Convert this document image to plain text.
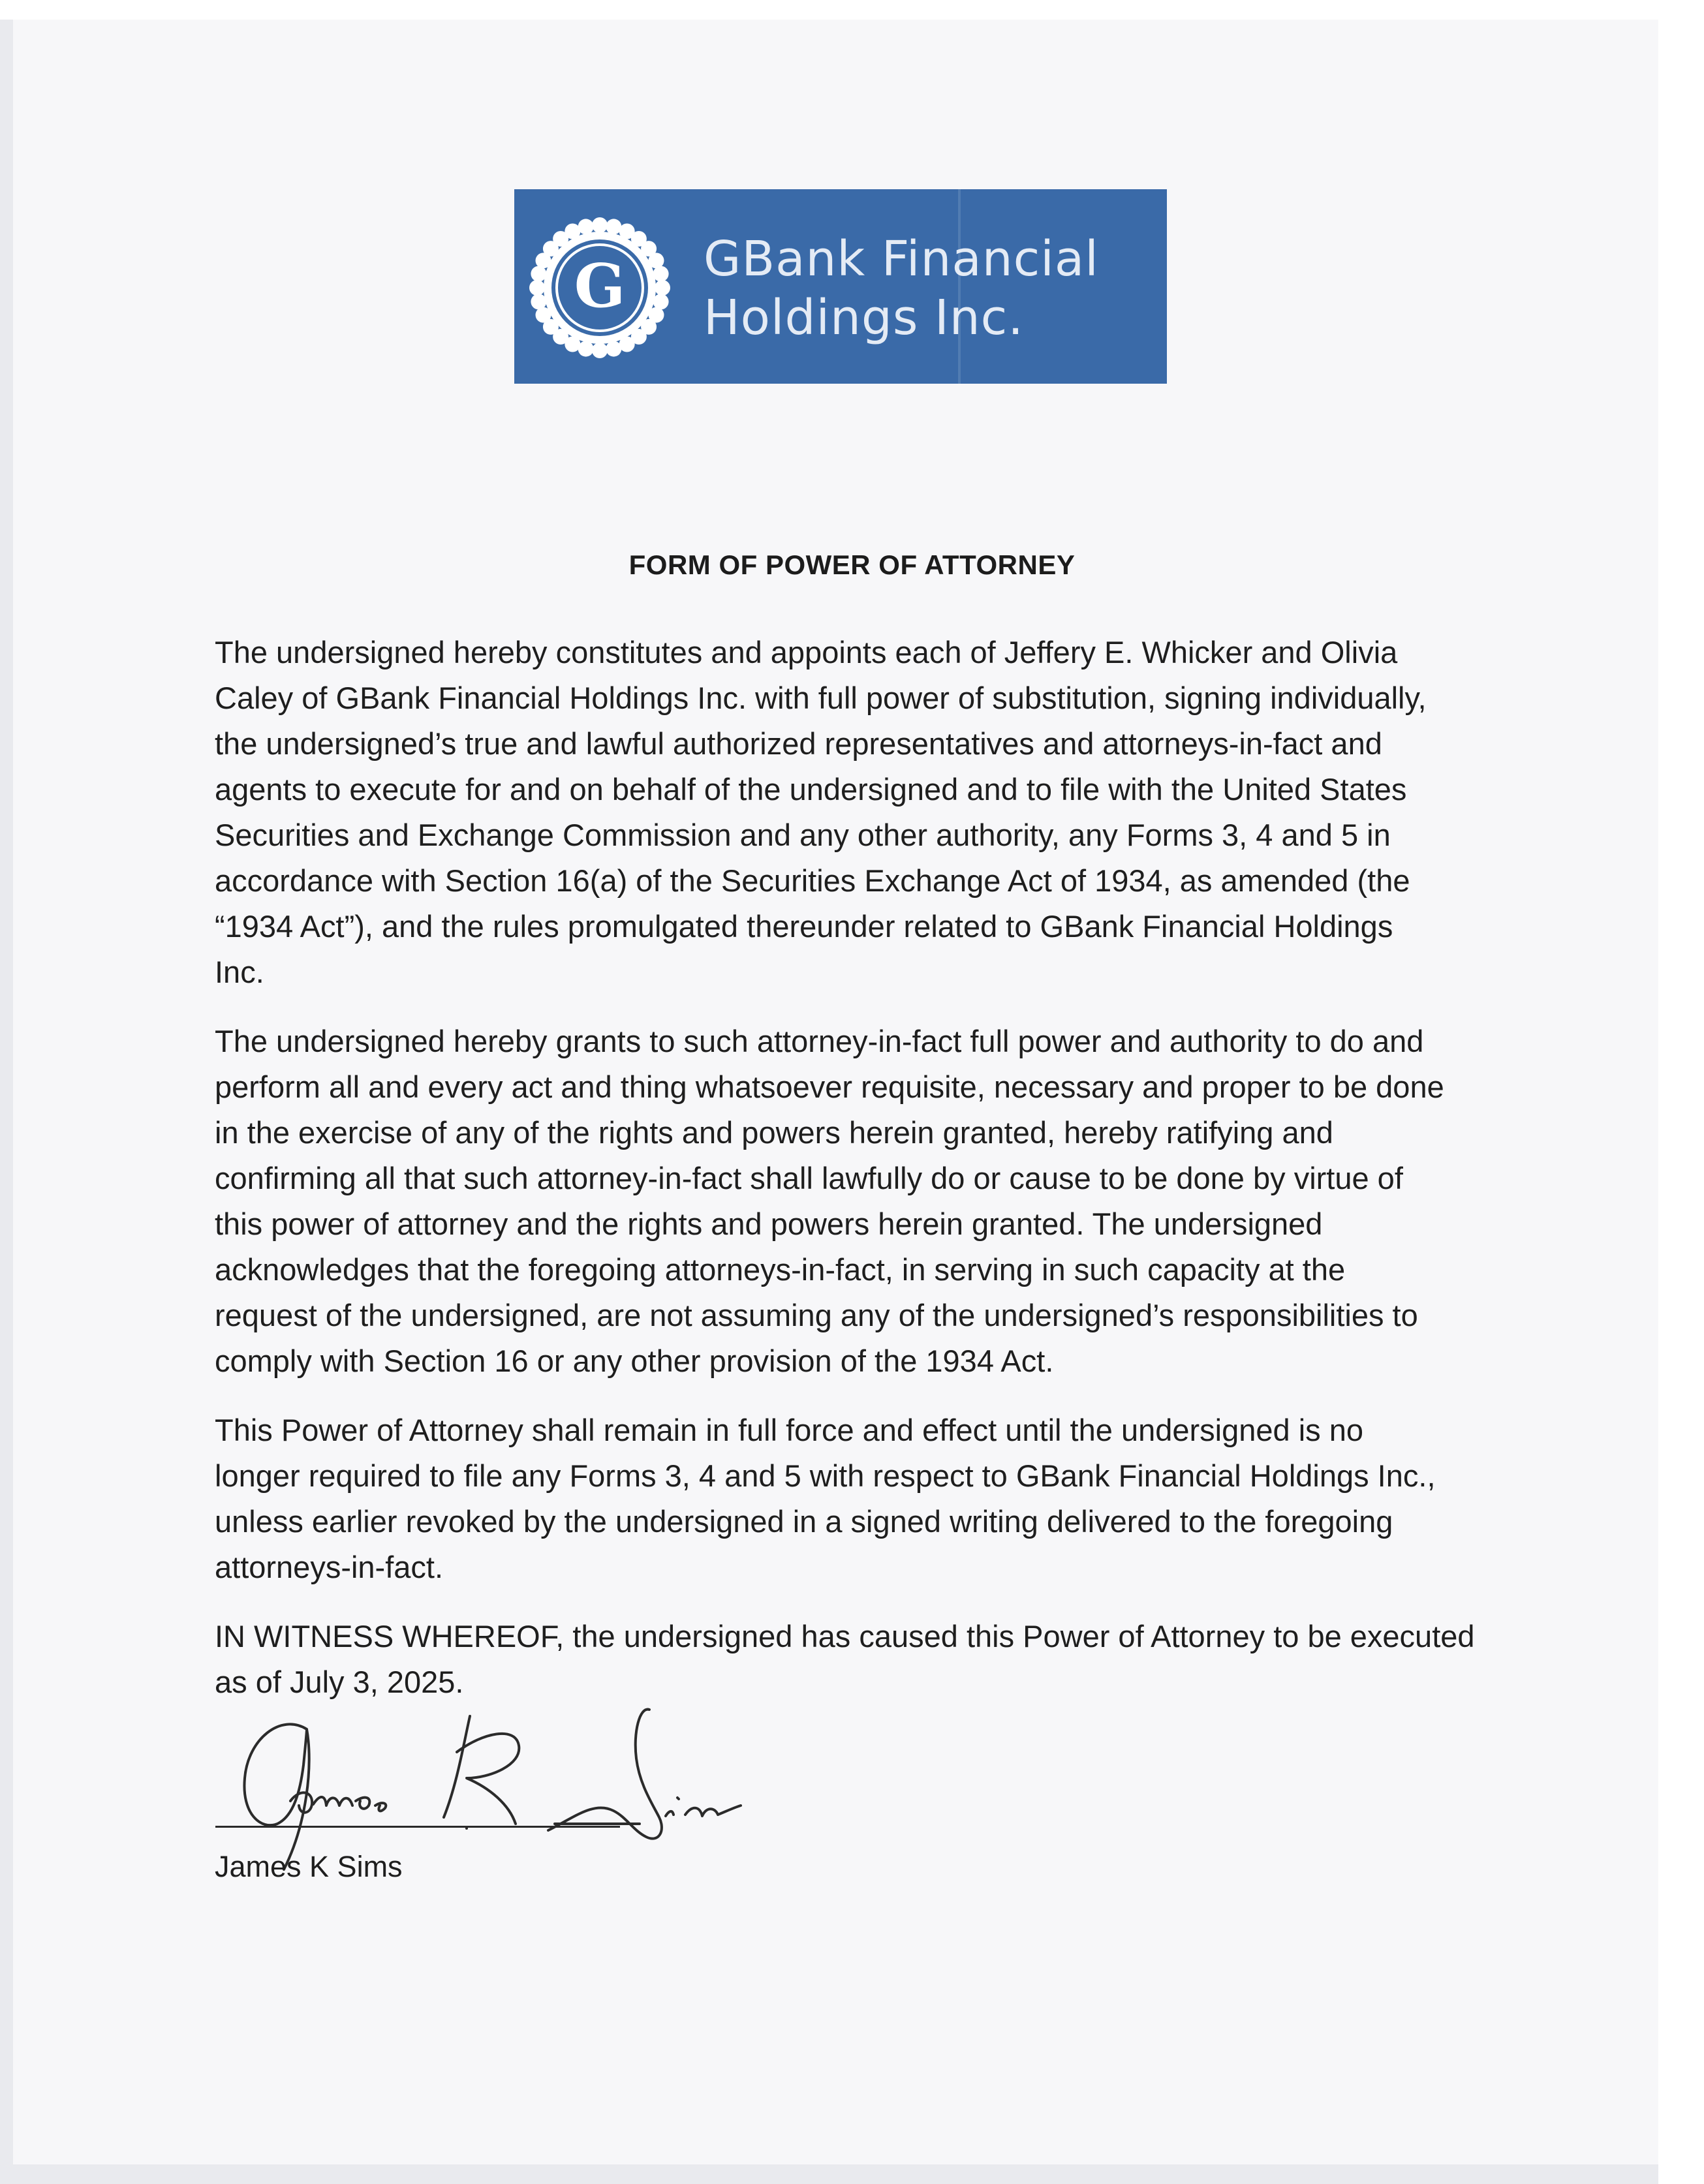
G GBank Financial
Holdings Inc.
FORM OF POWER OF ATTORNEY
The undersigned hereby constitutes and appoints each of Jeffery E. Whicker and Olivia
Caley of GBank Financial Holdings Inc. with full power of substitution, signing individually,
the undersigned’s true and lawful authorized representatives and attorneys-in-fact and
agents to execute for and on behalf of the undersigned and to file with the United States
Securities and Exchange Commission and any other authority, any Forms 3, 4 and 5 in
accordance with Section 16(a) of the Securities Exchange Act of 1934, as amended (the
“1934 Act”), and the rules promulgated thereunder related to GBank Financial Holdings
Inc.
The undersigned hereby grants to such attorney-in-fact full power and authority to do and
perform all and every act and thing whatsoever requisite, necessary and proper to be done
in the exercise of any of the rights and powers herein granted, hereby ratifying and
confirming all that such attorney-in-fact shall lawfully do or cause to be done by virtue of
this power of attorney and the rights and powers herein granted. The undersigned
acknowledges that the foregoing attorneys-in-fact, in serving in such capacity at the
request of the undersigned, are not assuming any of the undersigned’s responsibilities to
comply with Section 16 or any other provision of the 1934 Act.
This Power of Attorney shall remain in full force and effect until the undersigned is no
longer required to file any Forms 3, 4 and 5 with respect to GBank Financial Holdings Inc.,
unless earlier revoked by the undersigned in a signed writing delivered to the foregoing
attorneys-in-fact.
IN WITNESS WHEREOF, the undersigned has caused this Power of Attorney to be executed
as of July 3, 2025.
James K Sims
